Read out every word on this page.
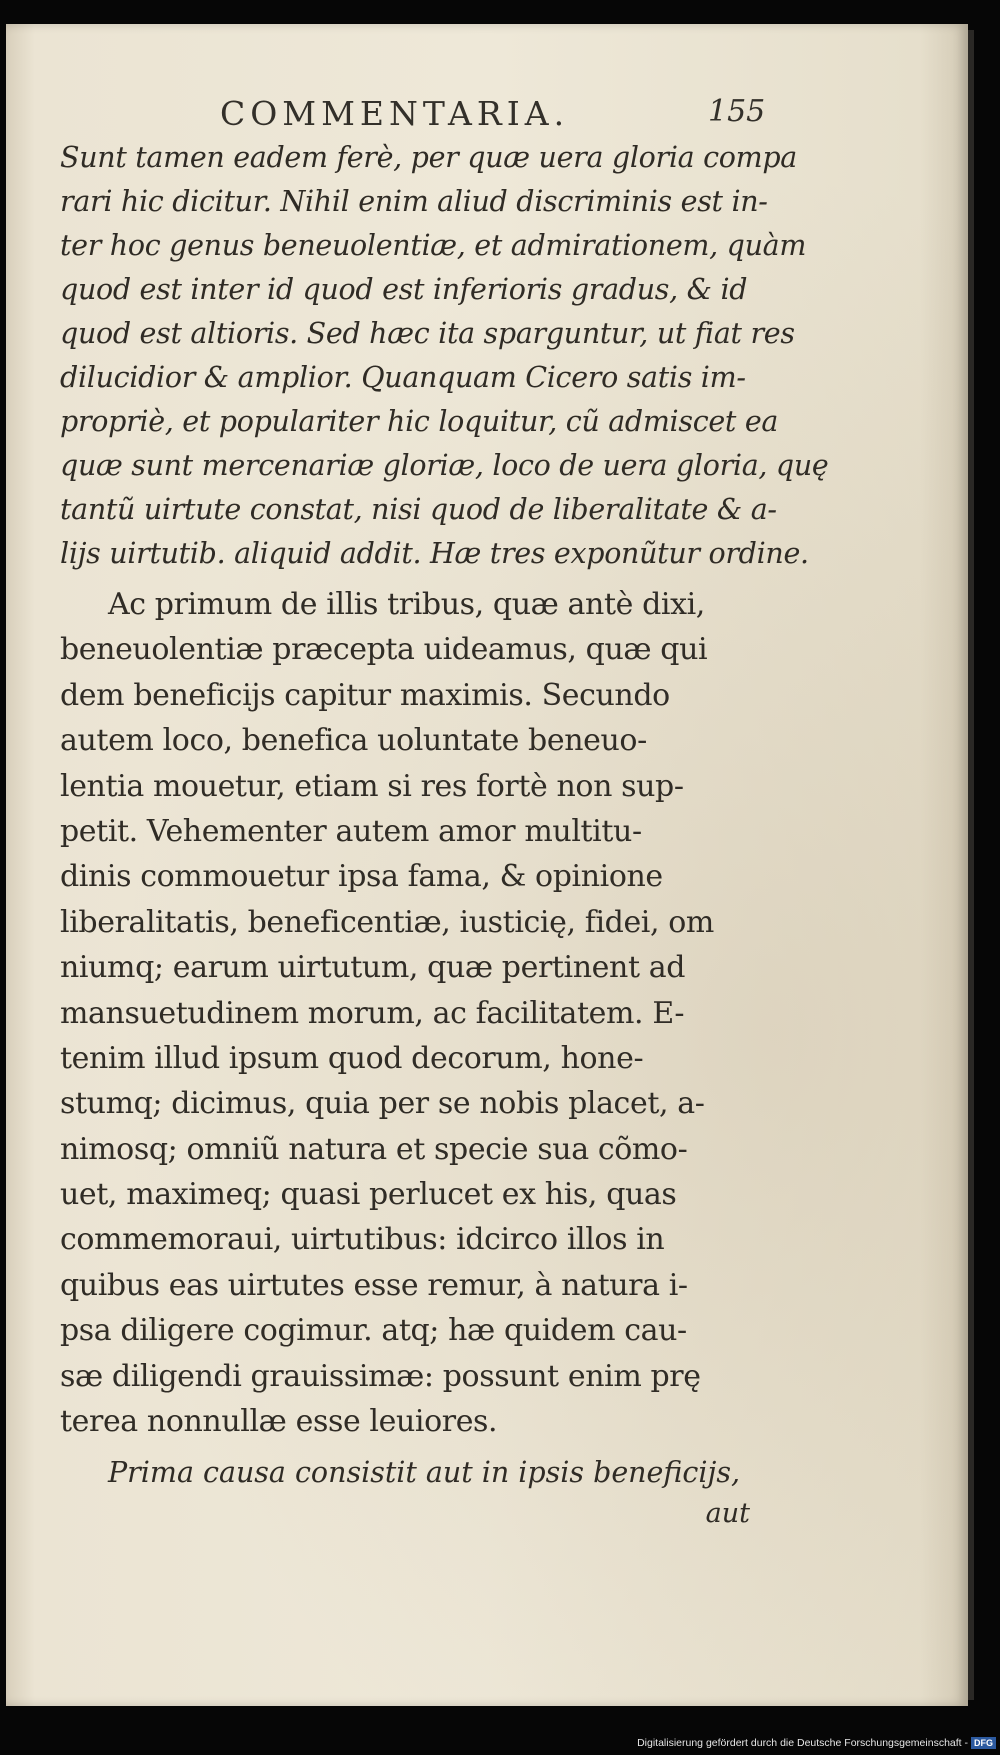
COMMENTARIA.	155
Sunt tamen eadem ferè, per quæ uera gloria compa
rari hic dicitur. Nihil enim aliud discriminis est in-
ter hoc genus beneuolentiæ, et admirationem, quàm
quod est inter id quod est inferioris gradus, & id
quod est altioris. Sed hæc ita sparguntur, ut fiat res
dilucidior & amplior. Quanquam Cicero satis im-
propriè, et populariter hic loquitur, cũ admiscet ea
quæ sunt mercenariæ gloriæ, loco de uera gloria, quę
tantũ uirtute constat, nisi quod de liberalitate & a-
lijs uirtutib. aliquid addit. Hæ tres exponũtur ordine.
Ac primum de illis tribus, quæ antè dixi,
beneuolentiæ præcepta uideamus, quæ qui
dem beneficijs capitur maximis. Secundo
autem loco, benefica uoluntate beneuo-
lentia mouetur, etiam si res fortè non sup-
petit. Vehementer autem amor multitu-
dinis commouetur ipsa fama, & opinione
liberalitatis, beneficentiæ, iusticię, fidei, om
niumq; earum uirtutum, quæ pertinent ad
mansuetudinem morum, ac facilitatem. E-
tenim illud ipsum quod decorum, hone-
stumq; dicimus, quia per se nobis placet, a-
nimosq; omniũ natura et specie sua cõmo-
uet, maximeq; quasi perlucet ex his, quas
commemoraui, uirtutibus: idcirco illos in
quibus eas uirtutes esse remur, à natura i-
psa diligere cogimur. atq; hæ quidem cau-
sæ diligendi grauissimæ: possunt enim prę
terea nonnullæ esse leuiores.
Prima causa consistit aut in ipsis beneficijs,
aut
Digitalisierung gefördert durch die Deutsche Forschungsgemeinschaft - DFG
